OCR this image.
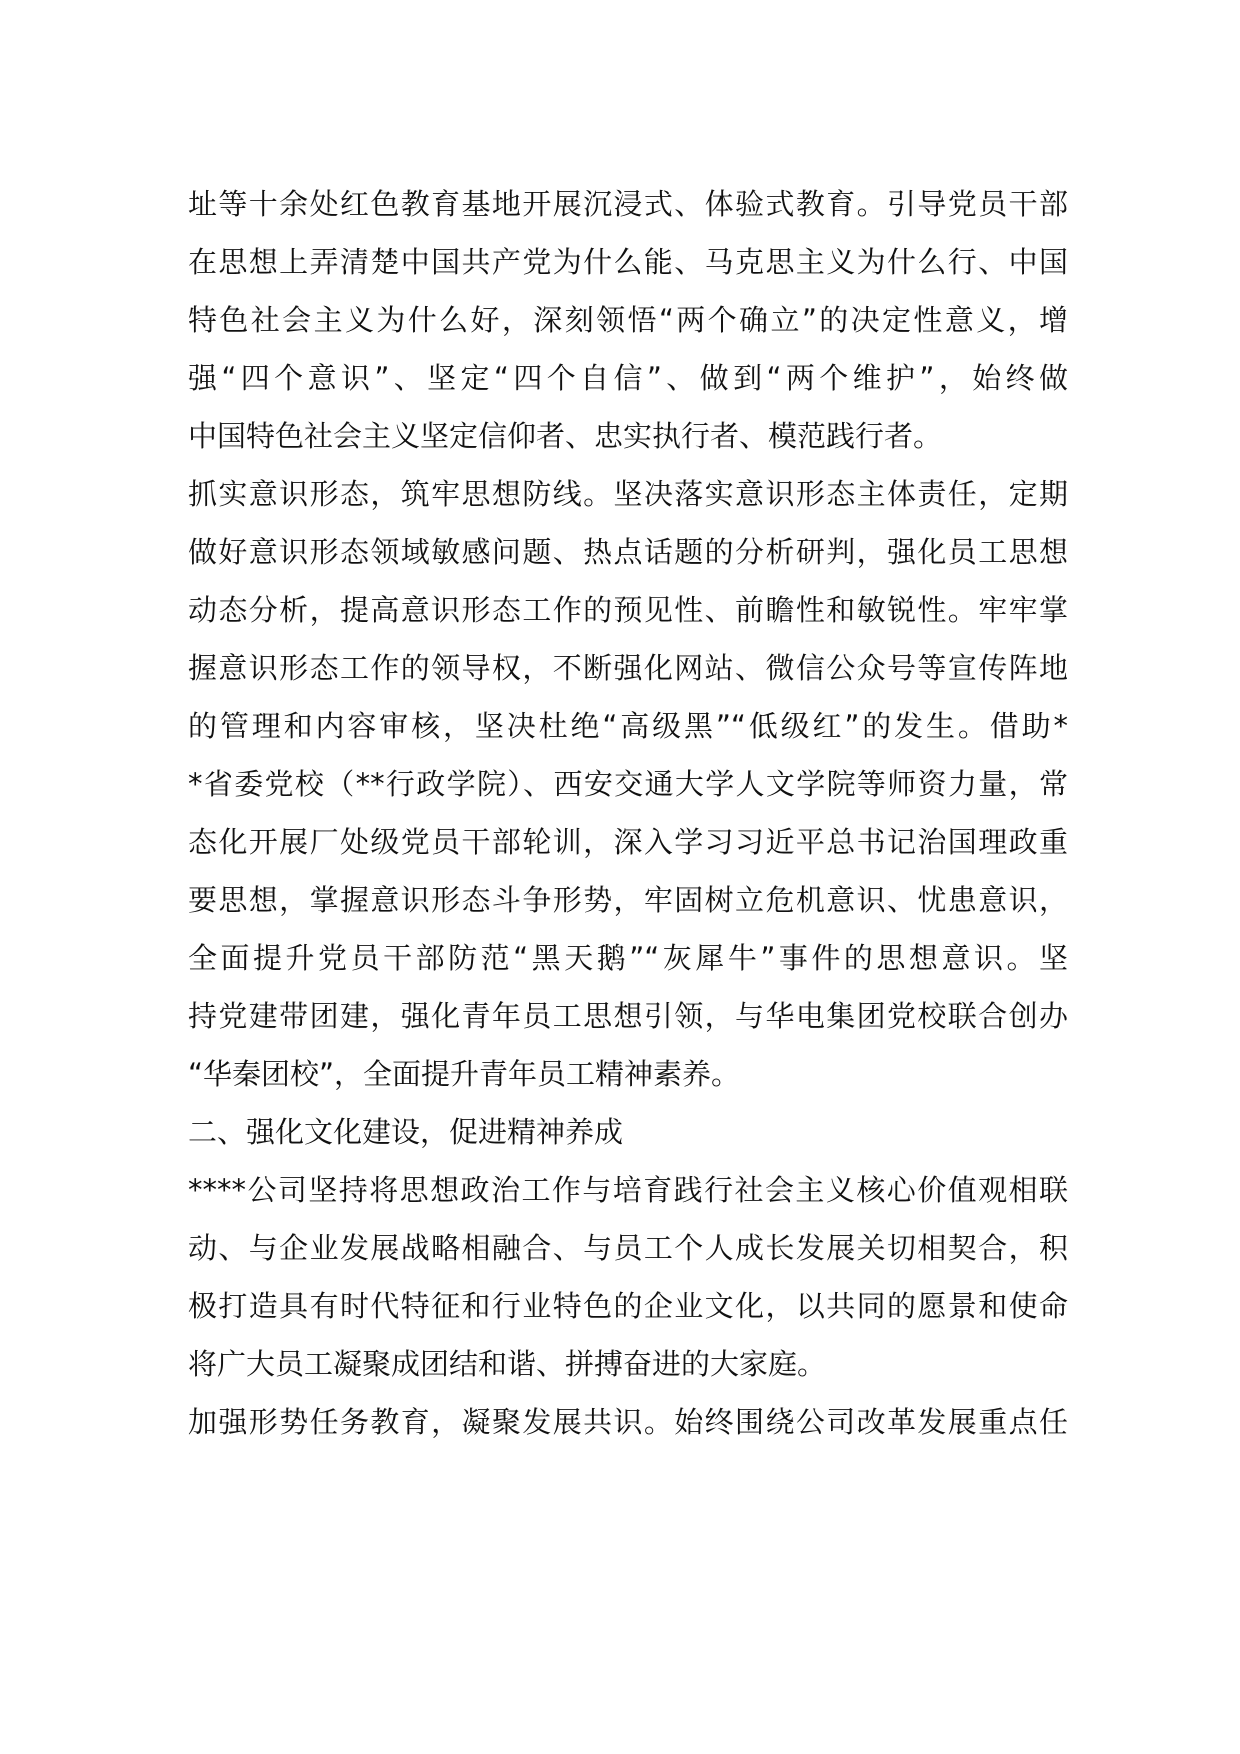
址等十余处红色教育基地开展沉浸式、体验式教育。引导党员干部
在思想上弄清楚中国共产党为什么能、马克思主义为什么行、中国
特色社会主义为什么好，深刻领悟“两个确立”的决定性意义，增
强“四个意识”、坚定“四个自信”、做到“两个维护”，始终做
中国特色社会主义坚定信仰者、忠实执行者、模范践行者。
抓实意识形态，筑牢思想防线。坚决落实意识形态主体责任，定期
做好意识形态领域敏感问题、热点话题的分析研判，强化员工思想
动态分析，提高意识形态工作的预见性、前瞻性和敏锐性。牢牢掌
握意识形态工作的领导权，不断强化网站、微信公众号等宣传阵地
的管理和内容审核，坚决杜绝“高级黑”“低级红”的发生。借助*
*省委党校（**行政学院）、西安交通大学人文学院等师资力量，常
态化开展厂处级党员干部轮训，深入学习习近平总书记治国理政重
要思想，掌握意识形态斗争形势，牢固树立危机意识、忧患意识，
全面提升党员干部防范“黑天鹅”“灰犀牛”事件的思想意识。坚
持党建带团建，强化青年员工思想引领，与华电集团党校联合创办
“华秦团校”，全面提升青年员工精神素养。
二、强化文化建设，促进精神养成
****公司坚持将思想政治工作与培育践行社会主义核心价值观相联
动、与企业发展战略相融合、与员工个人成长发展关切相契合，积
极打造具有时代特征和行业特色的企业文化，以共同的愿景和使命
将广大员工凝聚成团结和谐、拼搏奋进的大家庭。
加强形势任务教育，凝聚发展共识。始终围绕公司改革发展重点任
